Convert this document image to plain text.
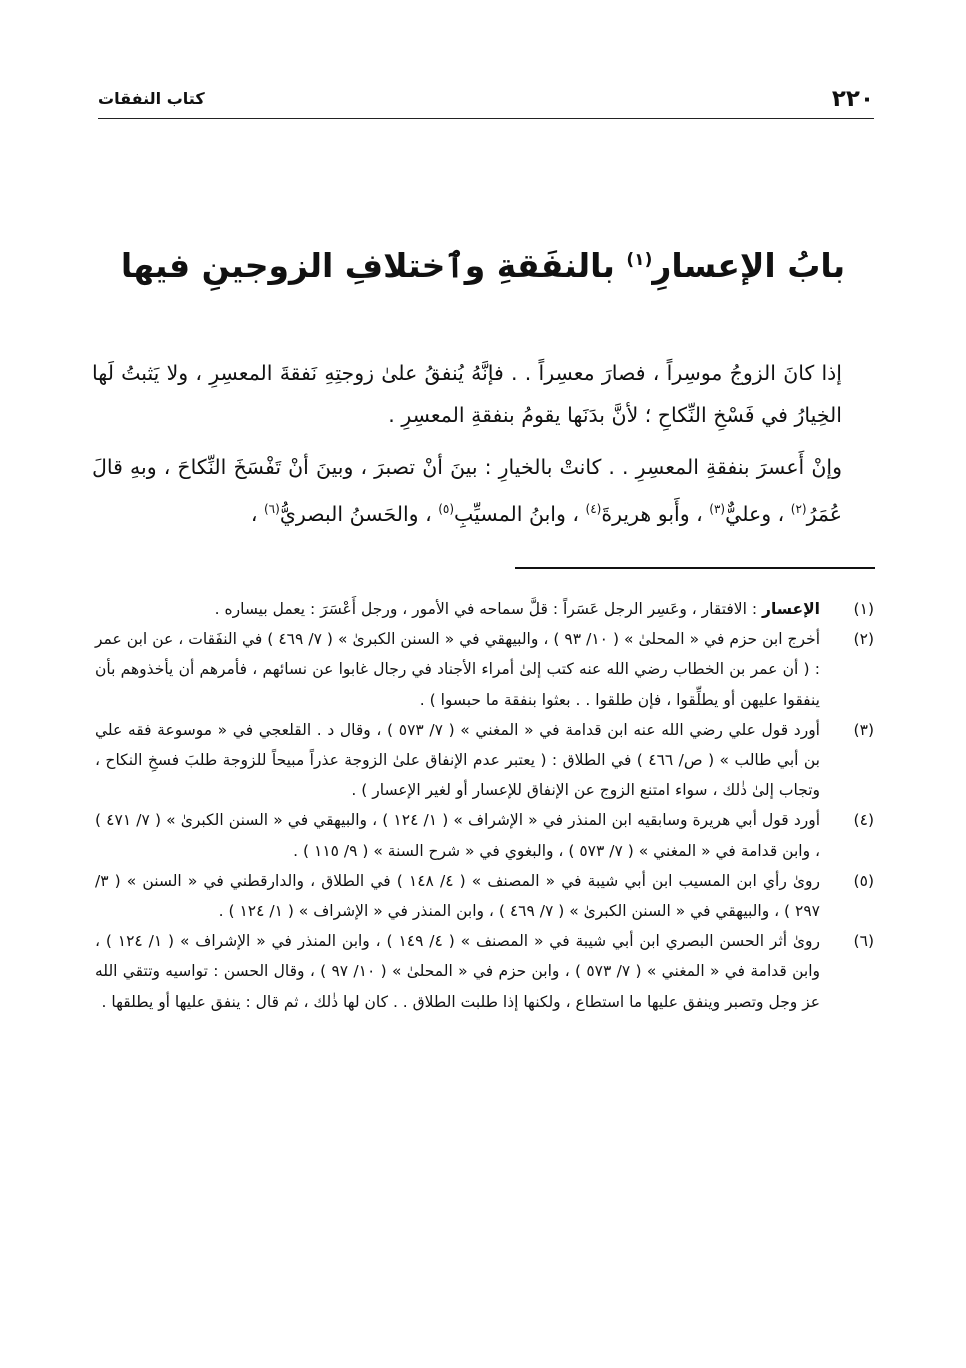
٢٢٠
كتاب النفقات
بابُ الإعسارِ$^{(١)}$ بالنفَقةِ وٱختلافِ الزوجينِ فيها

إذا كانَ الزوجُ موسِراً ، فصارَ معسِراً . . فإنَّهُ يُنفقُ علىٰ زوجتِهِ نَفقةَ المعسِرِ ، ولا يَثبتُ لَها الخِيارُ في فَسْخِ النِّكاحِ ؛ لأنَّ بدَنَها يقومُ بنفقةِ المعسِرِ .

وإنْ أَعسرَ بنفقةِ المعسِرِ . . كانتْ بالخيارِ : بينَ أنْ تصبرَ ، وبينَ أنْ تَفْسَخَ النِّكاحَ ، وبهِ قالَ عُمَرُ$^{(٢)}$ ، وعليٌّ$^{(٣)}$ ، وأَبو هريرةَ$^{(٤)}$ ، وابنُ المسيِّبِ$^{(٥)}$ ، والحَسنُ البصريُّ$^{(٦)}$ ،

(١)
الإعسار : الافتقار ، وعَسِر الرجل عَسَراً : قلَّ سماحه في الأمور ، ورجل أَعْسَرَ : يعمل بيساره .
(٢)
أخرج ابن حزم في « المحلىٰ » ( ١٠/ ٩٣ ) ، والبيهقي في « السنن الكبرىٰ » ( ٧/ ٤٦٩ ) في النفَقات ، عن ابن عمر : ( أن عمر بن الخطاب رضي الله عنه كتب إلىٰ أمراء الأجناد في رجال غابوا عن نسائهم ، فأمرهم أن يأخذوهم بأن ينفقوا عليهن أو يطلِّقوا ، فإن طلقوا . . بعثوا بنفقة ما حبسوا ) .
(٣)
أورد قول علي رضي الله عنه ابن قدامة في « المغني » ( ٧/ ٥٧٣ ) ، وقال د . القلعجي في « موسوعة فقه علي بن أبي طالب » ( ص/ ٤٦٦ ) في الطلاق : ( يعتبر عدم الإنفاق علىٰ الزوجة عذراً مبيحاً للزوجة طلبَ فسخِ النكاح ، وتجاب إلىٰ ذٰلك ، سواء امتنع الزوج عن الإنفاق للإعسار أو لغير الإعسار ) .
(٤)
أورد قول أبي هريرة وسابقيه ابن المنذر في « الإشراف » ( ١/ ١٢٤ ) ، والبيهقي في « السنن الكبرىٰ » ( ٧/ ٤٧١ ) ، وابن قدامة في « المغني » ( ٧/ ٥٧٣ ) ، والبغوي في « شرح السنة » ( ٩/ ١١٥ ) .
(٥)
رویٰ رأي ابن المسيب ابن أبي شيبة في « المصنف » ( ٤/ ١٤٨ ) في الطلاق ، والدارقطني في « السنن » ( ٣/ ٢٩٧ ) ، والبيهقي في « السنن الكبرىٰ » ( ٧/ ٤٦٩ ) ، وابن المنذر في « الإشراف » ( ١/ ١٢٤ ) .
(٦)
رویٰ أثر الحسن البصري ابن أبي شيبة في « المصنف » ( ٤/ ١٤٩ ) ، وابن المنذر في « الإشراف » ( ١/ ١٢٤ ) ، وابن قدامة في « المغني » ( ٧/ ٥٧٣ ) ، وابن حزم في « المحلىٰ » ( ١٠/ ٩٧ ) ، وقال الحسن : تواسيه وتتقي الله عز وجل وتصبر وينفق عليها ما استطاع ، ولكنها إذا طلبت الطلاق . . كان لها ذٰلك ، ثم قال : ينفق عليها أو يطلقها .
